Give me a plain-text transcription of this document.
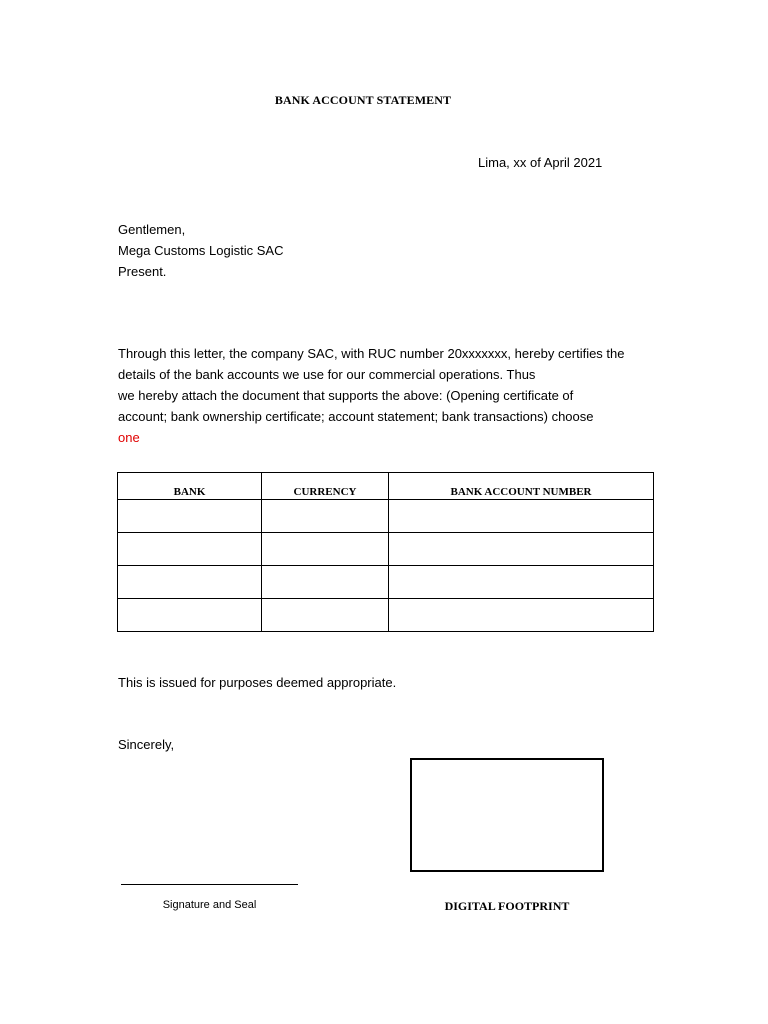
BANK ACCOUNT STATEMENT
Lima, xx of April 2021
Gentlemen,
Mega Customs Logistic SAC
Present.
Through this letter, the company SAC, with RUC number 20xxxxxxx, hereby certifies the
details of the bank accounts we use for our commercial operations. Thus
we hereby attach the document that supports the above: (Opening certificate of
account; bank ownership certificate; account statement; bank transactions) choose
one
BANK	CURRENCY	BANK ACCOUNT NUMBER

This is issued for purposes deemed appropriate.
Sincerely,
Signature and Seal	DIGITAL FOOTPRINT
